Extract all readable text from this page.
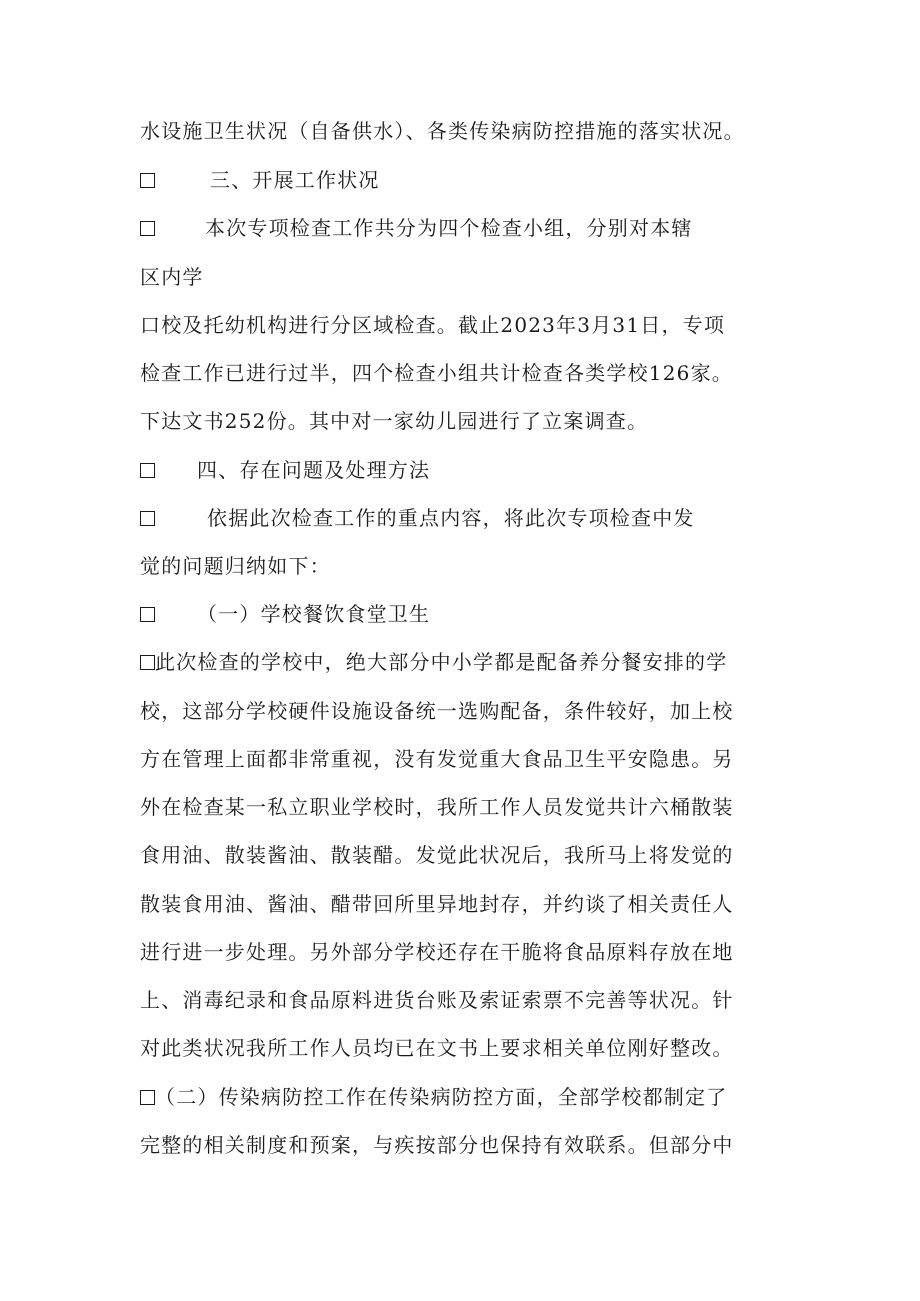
水设施卫生状况（自备供水）、各类传染病防控措施的落实状况。
三、开展工作状况
本次专项检查工作共分为四个检查小组，分别对本辖
区内学
口校及托幼机构进行分区域检查。截止2023年3月31日，专项
检查工作已进行过半，四个检查小组共计检查各类学校126家。
下达文书252份。其中对一家幼儿园进行了立案调查。
四、存在问题及处理方法
依据此次检查工作的重点内容，将此次专项检查中发
觉的问题归纳如下：
（一）学校餐饮食堂卫生
此次检查的学校中，绝大部分中小学都是配备养分餐安排的学
校，这部分学校硬件设施设备统一选购配备，条件较好，加上校
方在管理上面都非常重视，没有发觉重大食品卫生平安隐患。另
外在检查某一私立职业学校时，我所工作人员发觉共计六桶散装
食用油、散装酱油、散装醋。发觉此状况后，我所马上将发觉的
散装食用油、酱油、醋带回所里异地封存，并约谈了相关责任人
进行进一步处理。另外部分学校还存在干脆将食品原料存放在地
上、消毒纪录和食品原料进货台账及索证索票不完善等状况。针
对此类状况我所工作人员均已在文书上要求相关单位刚好整改。
（二）传染病防控工作在传染病防控方面，全部学校都制定了
完整的相关制度和预案，与疾按部分也保持有效联系。但部分中
